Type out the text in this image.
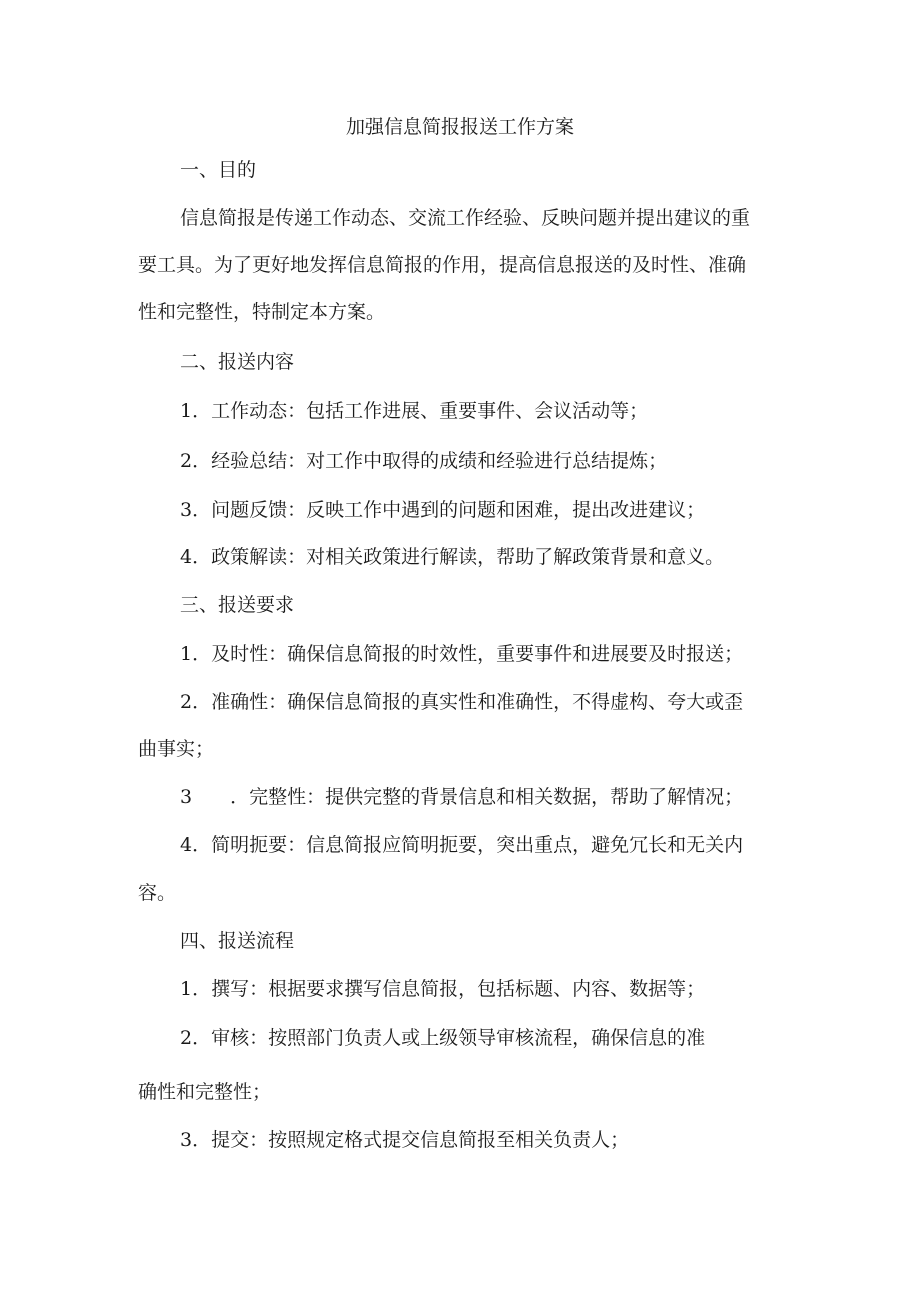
加强信息简报报送工作方案
一、目的
信息简报是传递工作动态、交流工作经验、反映问题并提出建议的重
要工具。为了更好地发挥信息简报的作用，提高信息报送的及时性、准确
性和完整性，特制定本方案。
二、报送内容
1．工作动态：包括工作进展、重要事件、会议活动等；
2．经验总结：对工作中取得的成绩和经验进行总结提炼；
3．问题反馈：反映工作中遇到的问题和困难，提出改进建议；
4．政策解读：对相关政策进行解读，帮助了解政策背景和意义。
三、报送要求
1．及时性：确保信息简报的时效性，重要事件和进展要及时报送；
2．准确性：确保信息简报的真实性和准确性，不得虚构、夸大或歪
曲事实；
3　　．完整性：提供完整的背景信息和相关数据，帮助了解情况；
4．简明扼要：信息简报应简明扼要，突出重点，避免冗长和无关内
容。
四、报送流程
1．撰写：根据要求撰写信息简报，包括标题、内容、数据等；
2．审核：按照部门负责人或上级领导审核流程，确保信息的准
确性和完整性；
3．提交：按照规定格式提交信息简报至相关负责人；
